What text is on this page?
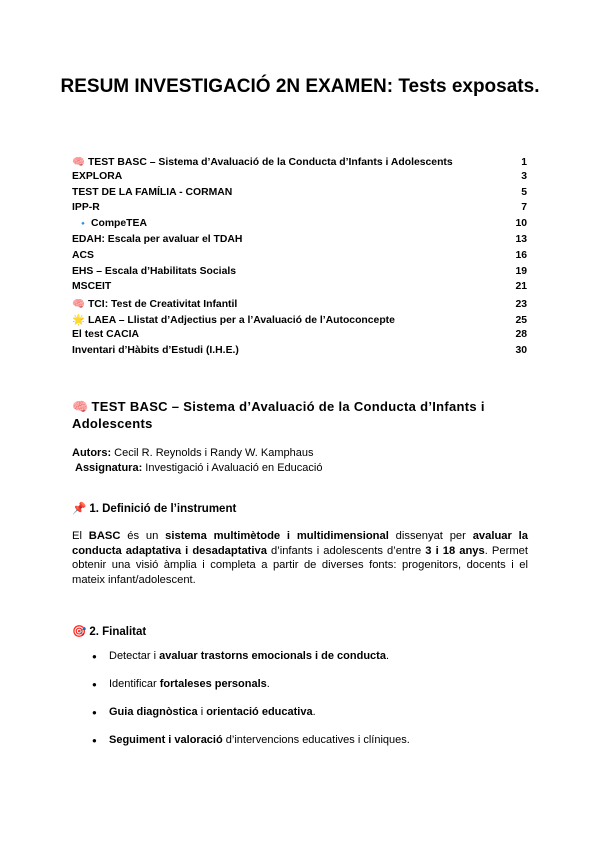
RESUM INVESTIGACIÓ 2N EXAMEN: Tests exposats.
🧠 TEST BASC – Sistema d’Avaluació de la Conducta d’Infants i Adolescents	1
EXPLORA	3
TEST DE LA FAMÍLIA - CORMAN	5
IPP-R	7
🔹 CompeTEA	10
EDAH: Escala per avaluar el TDAH	13
ACS	16
EHS – Escala d’Habilitats Socials	19
MSCEIT	21
🧠 TCI: Test de Creativitat Infantil	23
🌟 LAEA – Llistat d’Adjectius per a l’Avaluació de l’Autoconcepte	25
El test CACIA	28
Inventari d’Hàbits d’Estudi (I.H.E.)	30
🧠 TEST BASC – Sistema d’Avaluació de la Conducta d’Infants i Adolescents
Autors: Cecil R. Reynolds i Randy W. Kamphaus
Assignatura: Investigació i Avaluació en Educació
📌 1. Definició de l’instrument

El BASC és un sistema multimètode i multidimensional dissenyat per avaluar la conducta adaptativa i desadaptativa d’infants i adolescents d’entre 3 i 18 anys. Permet obtenir una visió àmplia i completa a partir de diverses fonts: progenitors, docents i el mateix infant/adolescent.

🎯 2. Finalitat
● Detectar i avaluar trastorns emocionals i de conducta.
● Identificar fortaleses personals.
● Guia diagnòstica i orientació educativa.
● Seguiment i valoració d’intervencions educatives i clíniques.
